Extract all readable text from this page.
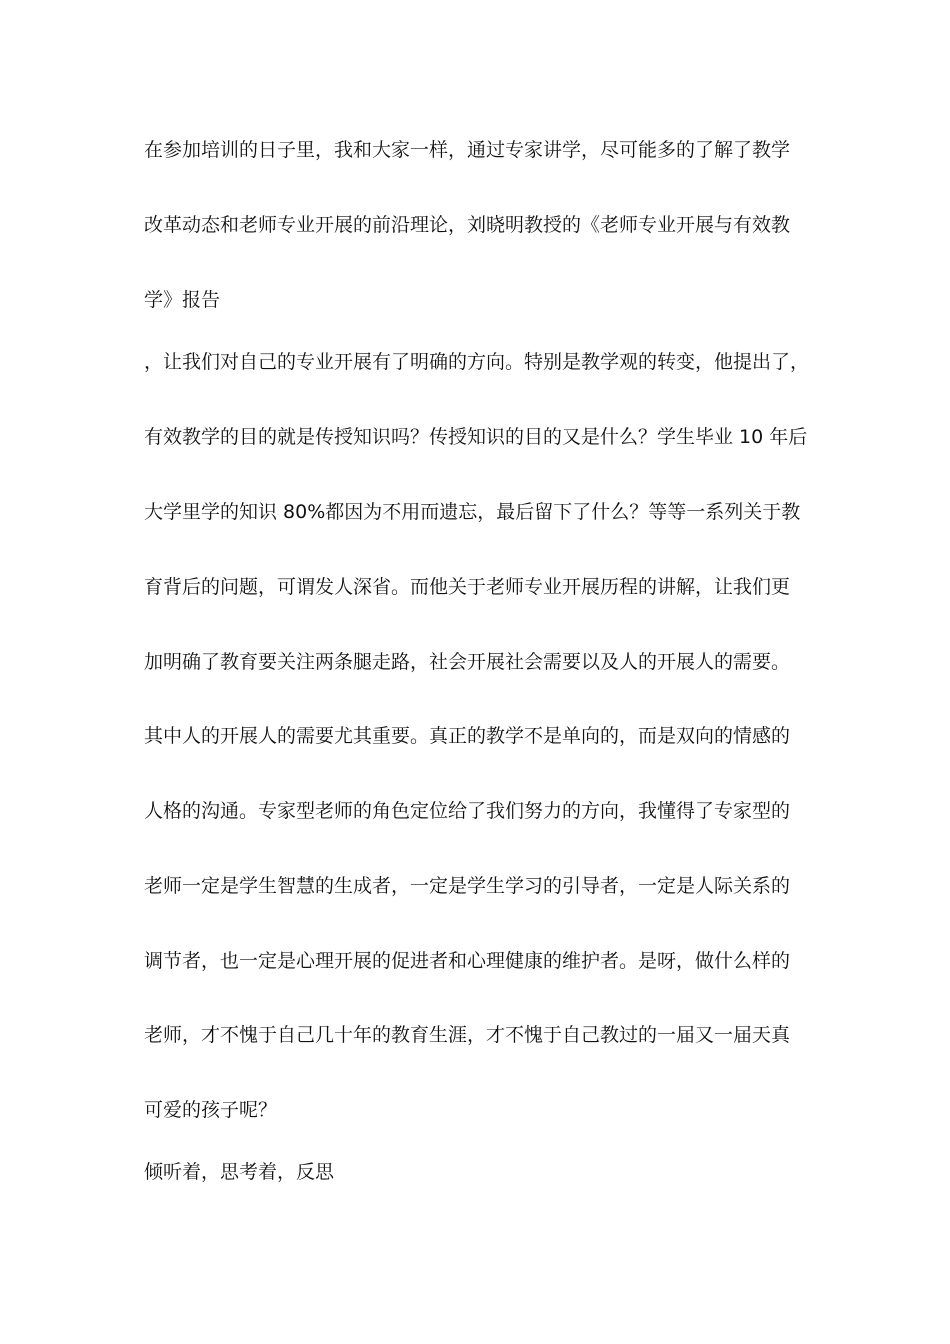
在参加培训的日子里，我和大家一样，通过专家讲学，尽可能多的了解了教学
改革动态和老师专业开展的前沿理论，刘晓明教授的《老师专业开展与有效教
学》报告
，让我们对自己的专业开展有了明确的方向。特别是教学观的转变，他提出了，
有效教学的目的就是传授知识吗？传授知识的目的又是什么？学生毕业 10 年后
大学里学的知识 80%都因为不用而遗忘，最后留下了什么？等等一系列关于教
育背后的问题，可谓发人深省。而他关于老师专业开展历程的讲解，让我们更
加明确了教育要关注两条腿走路，社会开展社会需要以及人的开展人的需要。
其中人的开展人的需要尤其重要。真正的教学不是单向的，而是双向的情感的
人格的沟通。专家型老师的角色定位给了我们努力的方向，我懂得了专家型的
老师一定是学生智慧的生成者，一定是学生学习的引导者，一定是人际关系的
调节者，也一定是心理开展的促进者和心理健康的维护者。是呀，做什么样的
老师，才不愧于自己几十年的教育生涯，才不愧于自己教过的一届又一届天真
可爱的孩子呢？
倾听着，思考着，反思
